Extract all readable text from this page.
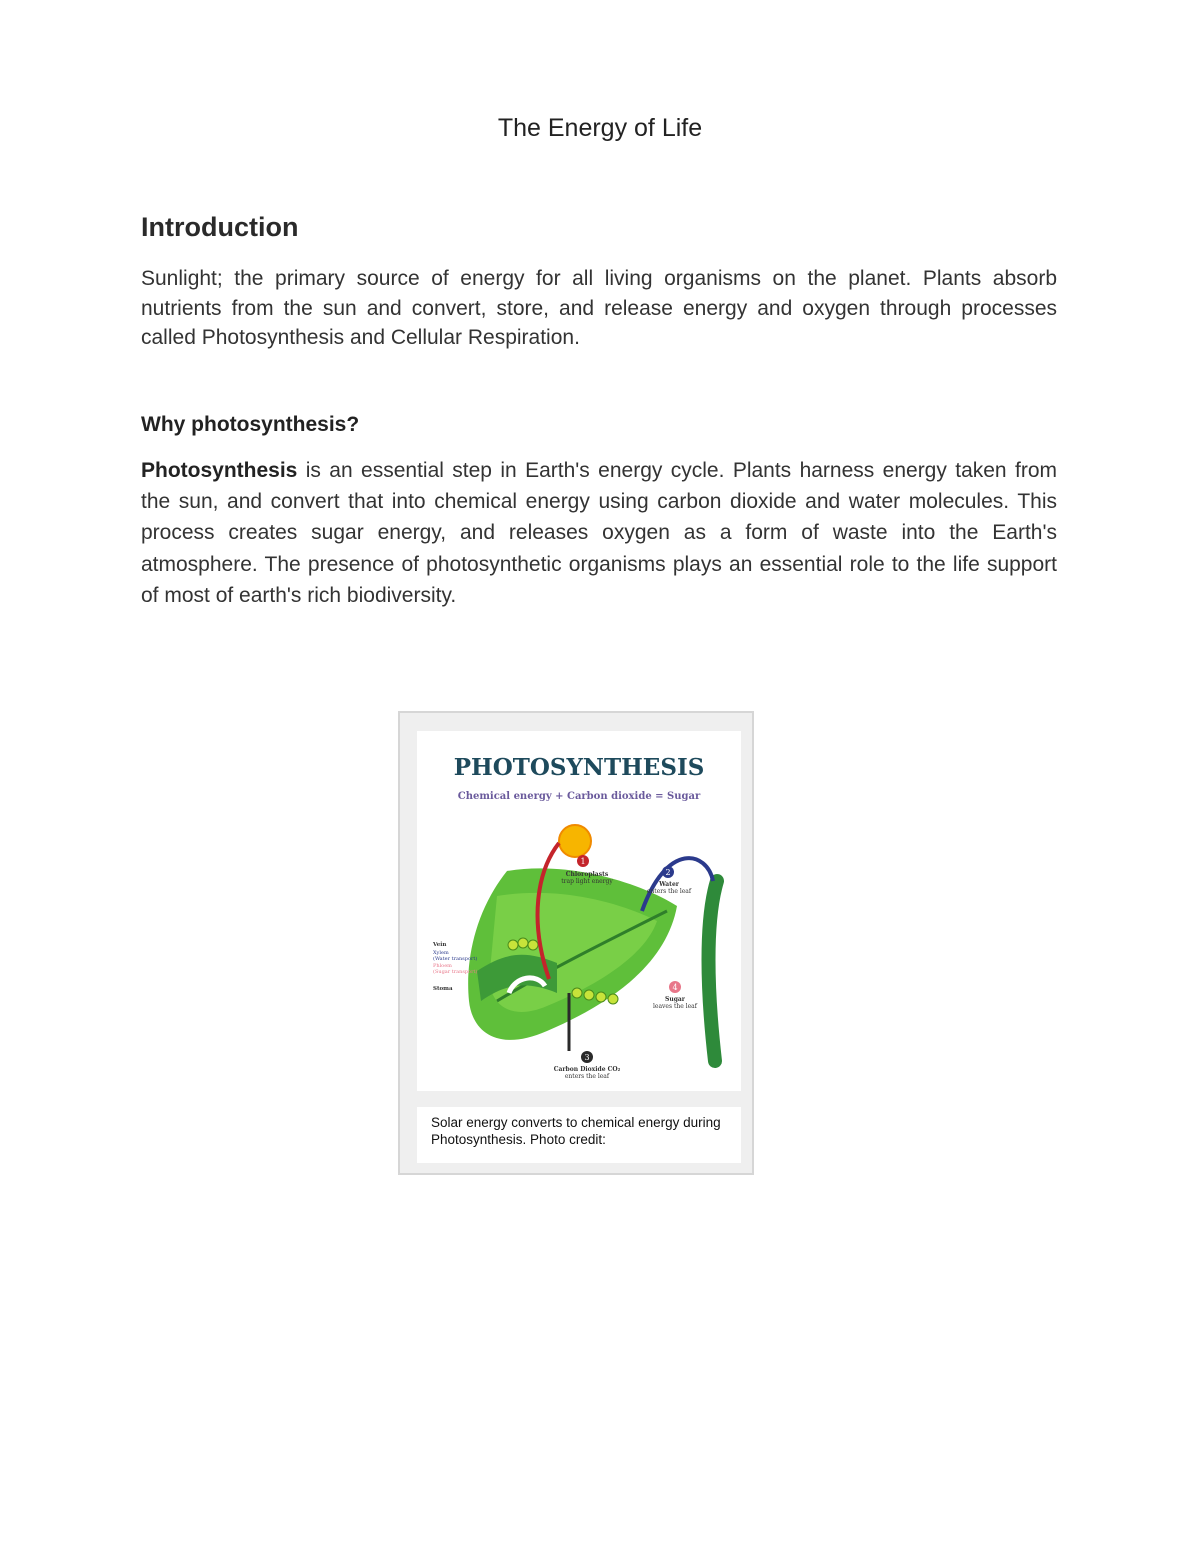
The Energy of Life
Introduction
Sunlight; the primary source of energy for all living organisms on the planet. Plants absorb nutrients from the sun and convert, store, and release energy and oxygen through processes called Photosynthesis and Cellular Respiration.
Why photosynthesis?
Photosynthesis is an essential step in Earth's energy cycle. Plants harness energy taken from the sun, and convert that into chemical energy using carbon dioxide and water molecules. This process creates sugar energy, and releases oxygen as a form of waste into the Earth's atmosphere. The presence of photosynthetic organisms plays an essential role to the life support of most of earth's rich biodiversity.
PHOTOSYNTHESIS
Chemical energy + Carbon dioxide = Sugar
1
Chloroplasts
trap light energy
2
Water
enters the leaf
3
Carbon Dioxide CO₂
enters the leaf
4
Sugar
leaves the leaf
Vein
Xylem
(Water transport)
Phloem
(Sugar transport)
Stoma
Solar energy converts to chemical energy during Photosynthesis. Photo credit:
